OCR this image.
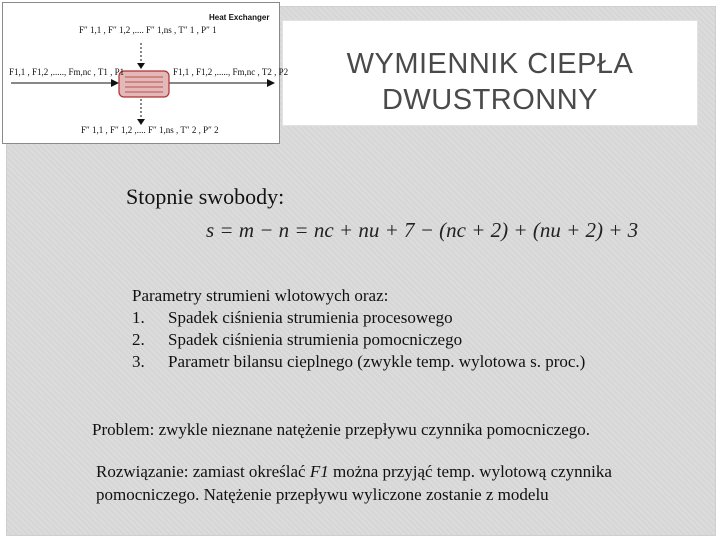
WYMIENNIK CIEPŁA
DWUSTRONNY
Heat Exchanger
F″ 1,1 , F″ 1,2 ,.... F″ 1,ns , T″ 1 , P″ 1
F1,1 , F1,2 ,....., Fm,nc , T1 , P1	F1,1 , F1,2 ,....., Fm,nc , T2 , P2
F″ 1,1 , F″ 1,2 ,.... F″ 1,ns , T″ 2 , P″ 2
Stopnie swobody:
s = m − n = nc + nu + 7 − (nc + 2) + (nu + 2) + 3
Parametry strumieni wlotowych oraz:
1. Spadek ciśnienia strumienia procesowego
2. Spadek ciśnienia strumienia pomocniczego
3. Parametr bilansu cieplnego (zwykle temp. wylotowa s. proc.)
Problem: zwykle nieznane natężenie przepływu czynnika pomocniczego.
Rozwiązanie: zamiast określać F1 można przyjąć temp. wylotową czynnika pomocniczego. Natężenie przepływu wyliczone zostanie z modelu
